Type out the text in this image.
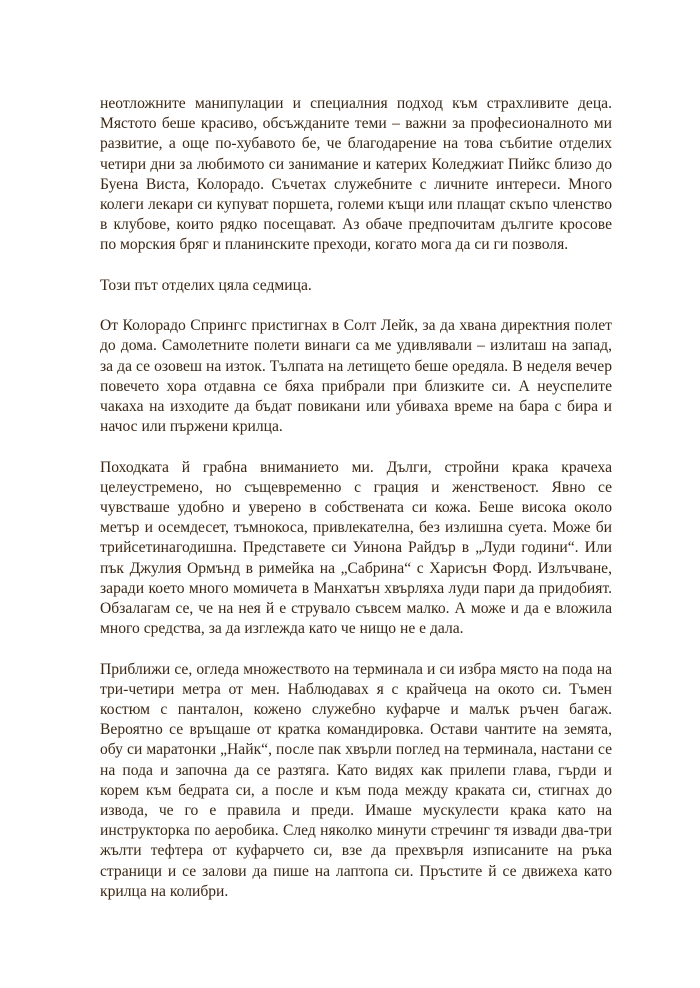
неотложните манипулации и специалния подход към страхливите деца. Мястото беше красиво, обсъжданите теми – важни за професионалното ми развитие, а още по-хубавото бе, че благодарение на това събитие отделих четири дни за любимото си занимание и катерих Коледжиат Пийкс близо до Буена Виста, Колорадо. Съчетах служебните с личните интереси. Много колеги лекари си купуват поршета, големи къщи или плащат скъпо членство в клубове, които рядко посещават. Аз обаче предпочитам дългите кросове по морския бряг и планинските преходи, когато мога да си ги позволя.

Този път отделих цяла седмица.

От Колорадо Спрингс пристигнах в Солт Лейк, за да хвана директния полет до дома. Самолетните полети винаги са ме удивлявали – излиташ на запад, за да се озовеш на изток. Тълпата на летището беше оредяла. В неделя вечер повечето хора отдавна се бяха прибрали при близките си. А неуспелите чакаха на изходите да бъдат повикани или убиваха време на бара с бира и начос или пържени крилца.

Походката й грабна вниманието ми. Дълги, стройни крака крачеха целеустремено, но същевременно с грация и женственост. Явно се чувстваше удобно и уверено в собствената си кожа. Беше висока около метър и осемдесет, тъмнокоса, привлекателна, без излишна суета. Може би трийсетинагодишна. Представете си Уинона Райдър в „Луди години“. Или пък Джулия Ормънд в римейка на „Сабрина“ с Харисън Форд. Излъчване, заради което много момичета в Манхатън хвърляха луди пари да придобият. Обзалагам се, че на нея й е струвало съвсем малко. А може и да е вложила много средства, за да изглежда като че нищо не е дала.

Приближи се, огледа множеството на терминала и си избра място на пода на три-четири метра от мен. Наблюдавах я с крайчеца на окото си. Тъмен костюм с панталон, кожено служебно куфарче и малък ръчен багаж. Вероятно се връщаше от кратка командировка. Остави чантите на земята, обу си маратонки „Найк“, после пак хвърли поглед на терминала, настани се на пода и започна да се разтяга. Като видях как прилепи глава, гърди и корем към бедрата си, а после и към пода между краката си, стигнах до извода, че го е правила и преди. Имаше мускулести крака като на инструкторка по аеробика. След няколко минути стречинг тя извади два-три жълти тефтера от куфарчето си, взе да прехвърля изписаните на ръка страници и се залови да пише на лаптопа си. Пръстите й се движеха като крилца на колибри.
